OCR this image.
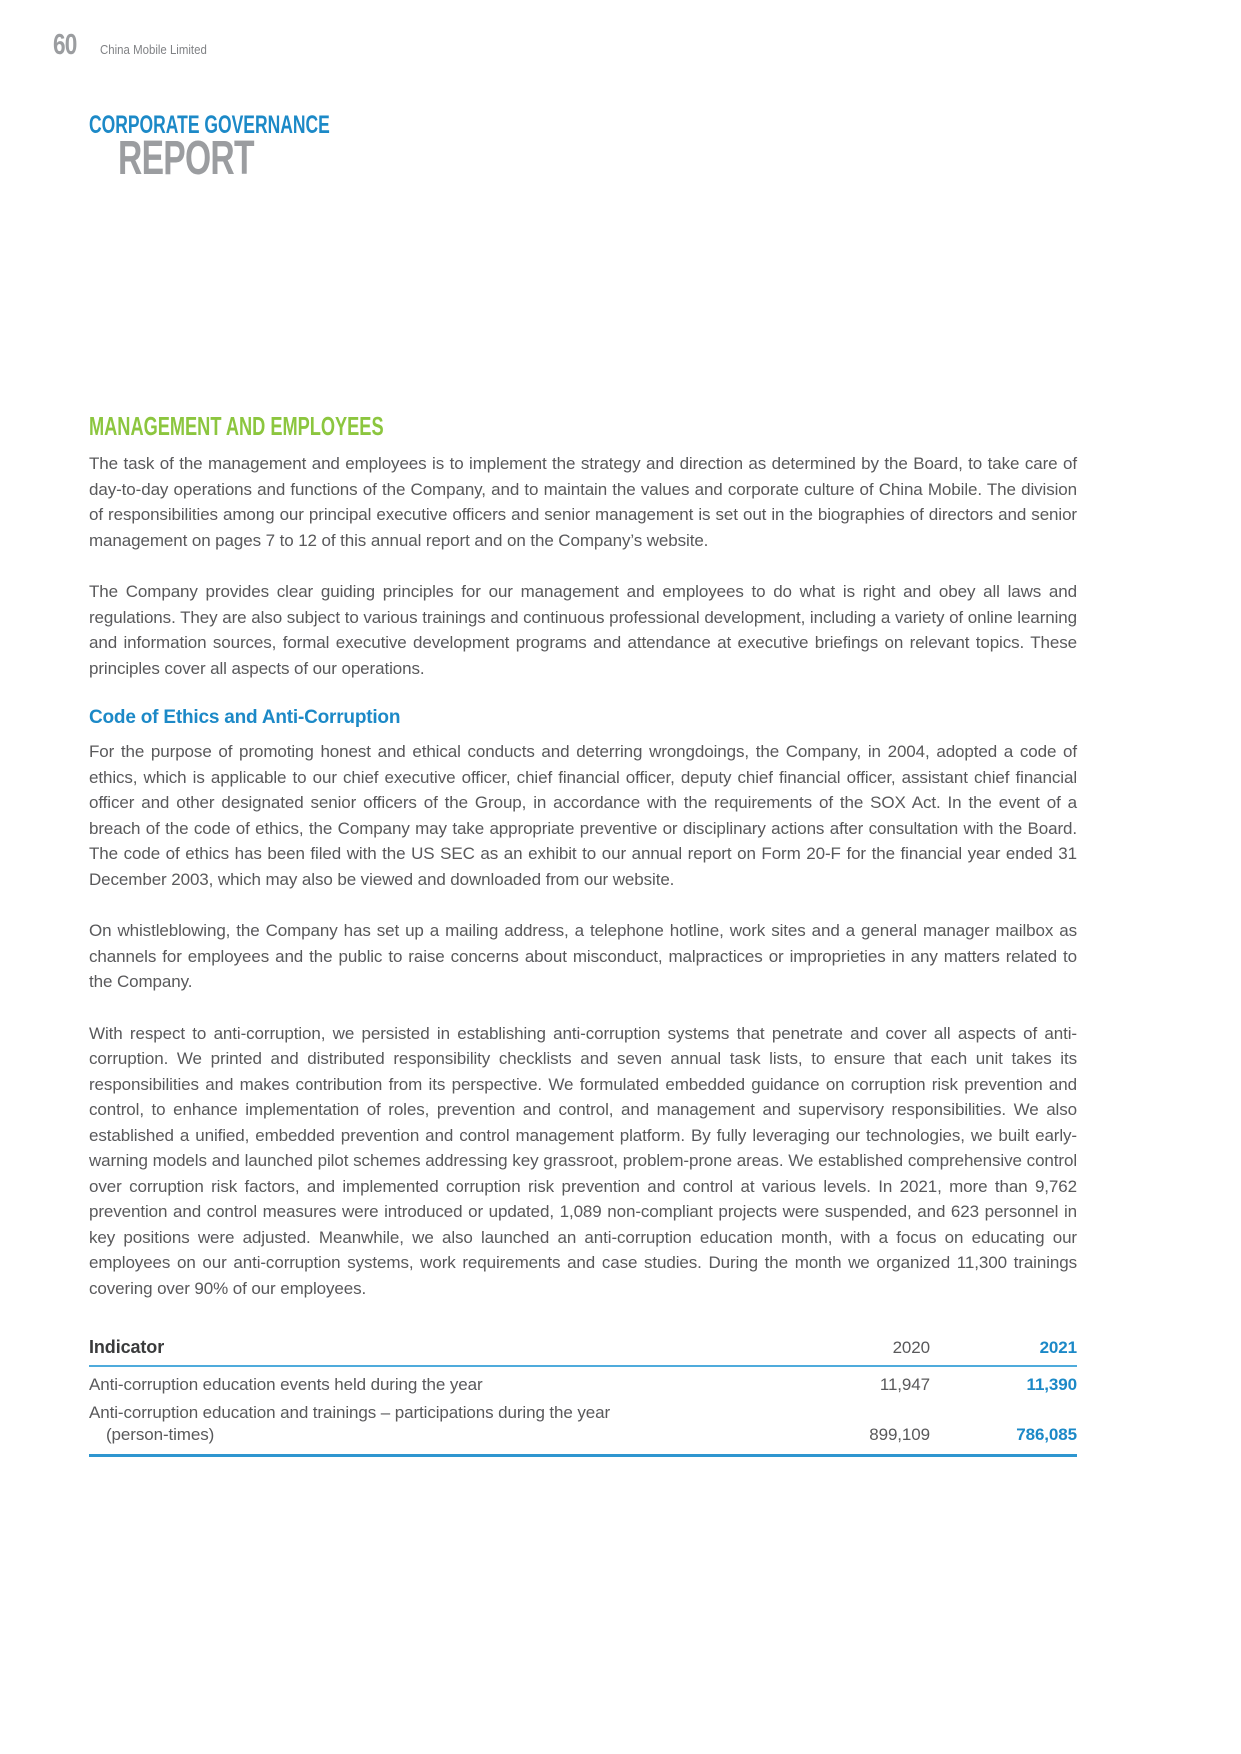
60 China Mobile Limited
CORPORATE GOVERNANCE
REPORT
MANAGEMENT AND EMPLOYEES

The task of the management and employees is to implement the strategy and direction as determined by the Board, to take care of day-to-day operations and functions of the Company, and to maintain the values and corporate culture of China Mobile. The division of responsibilities among our principal executive officers and senior management is set out in the biographies of directors and senior management on pages 7 to 12 of this annual report and on the Company’s website.

The Company provides clear guiding principles for our management and employees to do what is right and obey all laws and regulations. They are also subject to various trainings and continuous professional development, including a variety of online learning and information sources, formal executive development programs and attendance at executive briefings on relevant topics. These principles cover all aspects of our operations.

Code of Ethics and Anti-Corruption

For the purpose of promoting honest and ethical conducts and deterring wrongdoings, the Company, in 2004, adopted a code of ethics, which is applicable to our chief executive officer, chief financial officer, deputy chief financial officer, assistant chief financial officer and other designated senior officers of the Group, in accordance with the requirements of the SOX Act. In the event of a breach of the code of ethics, the Company may take appropriate preventive or disciplinary actions after consultation with the Board. The code of ethics has been filed with the US SEC as an exhibit to our annual report on Form 20-F for the financial year ended 31 December 2003, which may also be viewed and downloaded from our website.

On whistleblowing, the Company has set up a mailing address, a telephone hotline, work sites and a general manager mailbox as channels for employees and the public to raise concerns about misconduct, malpractices or improprieties in any matters related to the Company.

With respect to anti-corruption, we persisted in establishing anti-corruption systems that penetrate and cover all aspects of anti-corruption. We printed and distributed responsibility checklists and seven annual task lists, to ensure that each unit takes its responsibilities and makes contribution from its perspective. We formulated embedded guidance on corruption risk prevention and control, to enhance implementation of roles, prevention and control, and management and supervisory responsibilities. We also established a unified, embedded prevention and control management platform. By fully leveraging our technologies, we built early-warning models and launched pilot schemes addressing key grassroot, problem-prone areas. We established comprehensive control over corruption risk factors, and implemented corruption risk prevention and control at various levels. In 2021, more than 9,762 prevention and control measures were introduced or updated, 1,089 non-compliant projects were suspended, and 623 personnel in key positions were adjusted. Meanwhile, we also launched an anti-corruption education month, with a focus on educating our employees on our anti-corruption systems, work requirements and case studies. During the month we organized 11,300 trainings covering over 90% of our employees.

Indicator	2020	2021
Anti-corruption education events held during the year	11,947	11,390
Anti-corruption education and trainings – participations during the year
(person-times)	899,109	786,085
